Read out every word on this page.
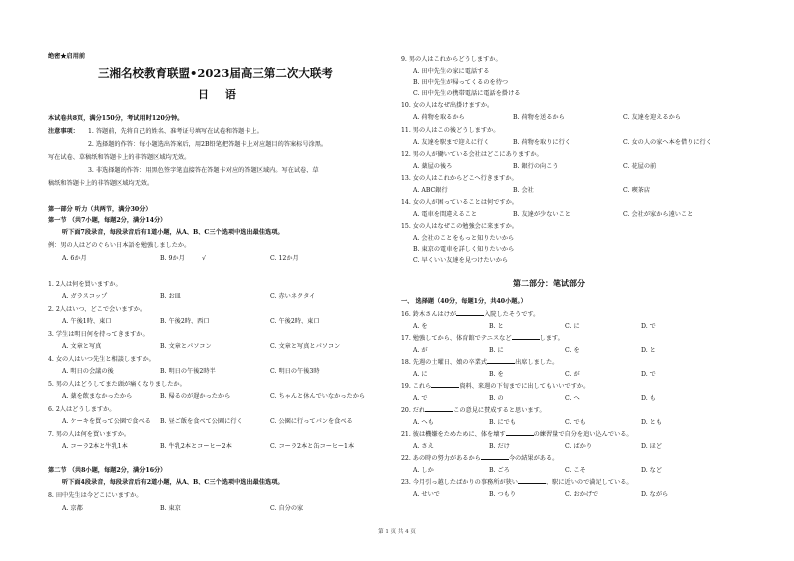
绝密★启用前
三湘名校教育联盟•2023届高三第二次大联考
日 语
本试卷共8页，满分150分，考试用时120分钟。
注意事项： 1. 答题前，先将自己的姓名、准考证号填写在试卷和答题卡上。
2. 选择题的作答：每小题选出答案后，用2B铅笔把答题卡上对应题目的答案标号涂黑。
写在试卷、草稿纸和答题卡上的非答题区域均无效。
3. 非选择题的作答：用黑色签字笔直接答在答题卡对应的答题区域内。写在试卷、草
稿纸和答题卡上的非答题区域均无效。
第一部分 听力（共两节，满分30分）
第一节 （共7小题，每题2分，满分14分）
听下面7段录音，每段录音后有1道小题，从A、B、C三个选项中选出最佳选项。
例：男の人はどのぐらい日本語を勉強しましたか。
A. 6か月	B. 9か月	√	C. 12か月
1. 2人は何を買いますか。
A. ガラスコップ	B. お皿	C. 赤いネクタイ
2. 2人はいつ、どこで会いますか。
A. 午後1時、東口	B. 午後2時、西口	C. 午後2時、東口
3. 学生は明日何を持ってきますか。
A. 文章と写真	B. 文章とパソコン	C. 文章と写真とパソコン
4. 女の人はいつ先生と相談しますか。
A. 明日の会議の後	B. 明日の午後2時半	C. 明日の午後3時
5. 男の人はどうしてまた頭が痛くなりましたか。
A. 薬を飲まなかったから	B. 帰るのが遅かったから	C. ちゃんと休んでいなかったから
6. 2人はどうしますか。
A. ケーキを買って公園で食べる B. 昼ご飯を食べて公園に行く	C. 公園に行ってパンを食べる
7. 男の人は何を買いますか。
A. コーラ2本と牛乳1本	B. 牛乳2本とコーヒー2本	C. コーラ2本と缶コーヒー1本
第二节 （共8小题，每题2分，满分16分）
听下面4段录音，每段录音后有2道小题，从A、B、C三个选项中选出最佳选项。
8. 田中先生は今どこにいますか。
A. 京都	B. 東京	C. 自分の家
9. 男の人はこれからどうしますか。
A. 田中先生の家に電話する
B. 田中先生が帰ってくるのを待つ
C. 田中先生の携帯電話に電話を掛ける
10. 女の人はなぜ出掛けますか。
A. 荷物を取るから	B. 荷物を送るから	C. 友達を迎えるから
11. 男の人はこの後どうしますか。
A. 友達を駅まで迎えに行く	B. 荷物を取りに行く	C. 女の人の家へ本を借りに行く
12. 男の人が働いている会社はどこにありますか。
A. 薬屋の後ろ	B. 銀行の向こう	C. 花屋の前
13. 女の人はこれからどこへ行きますか。
A. ABC銀行	B. 会社	C. 喫茶店
14. 女の人が困っていることは何ですか。
A. 電車を間違えること	B. 友達が少ないこと	C. 会社が家から遠いこと
15. 女の人はなぜこの勉強会に来ますか。
A. 会社のことをもっと知りたいから
B. 東京の電車を詳しく知りたいから
C. 早くいい友達を見つけたいから
第二部分：笔试部分
一、 选择题（40分，每题1分，共40小题。）
16. 鈴木さんはけが	入院したそうです。
A. を	B. と	C. に	D. で
17. 勉強してから、体育館でテニスなど	します。
A. が	B. に	C. を	D. と
18. 先週の土曜日、娘の卒業式	出席しました。
A. に	B. を	C. が	D. で
19. これら	資料、来週の下旬までに出してもいいですか。
A. で	B. の	C. へ	D. も
20. だれ	この意見に賛成すると思います。
A. へも	B. にでも	C. でも	D. とも
21. 彼は機嫌をためために、体を壊す	の練習量で自分を追い込んでいる。
A. さえ	B. だけ	C. ばかり	D. ほど
22. あの時の努力があるから	今の結果がある。
A. しか	B. ごろ	C. こそ	D. など
23. 今月引っ越したばかりの事務所が狭い	、駅に近いので満足している。
A. せいで	B. つもり	C. おかげで	D. ながら
第 1 页 共 4 页
